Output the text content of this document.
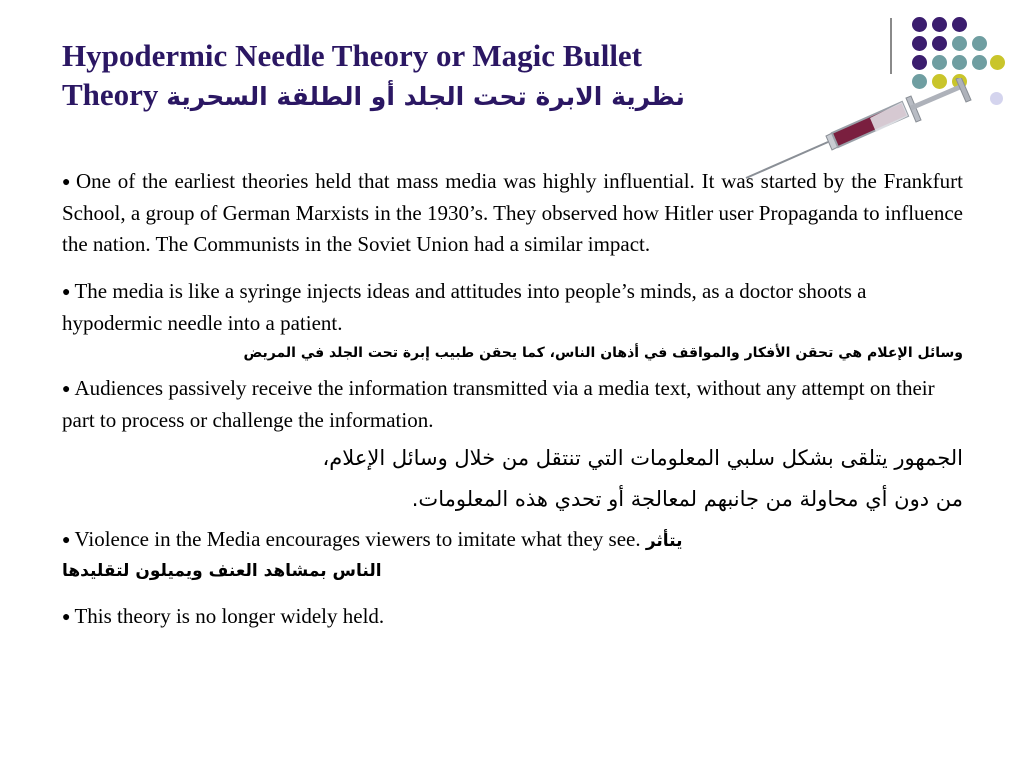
Hypodermic Needle Theory or Magic Bullet
Theory نظرية الابرة تحت الجلد أو الطلقة السحرية

● One of the earliest theories held that mass media was highly influential. It was started by the Frankfurt School, a group of German Marxists in the 1930’s. They observed how Hitler user Propaganda to influence the nation. The Communists in the Soviet Union had a similar impact.

● The media is like a syringe injects ideas and attitudes into people’s minds, as a doctor shoots a hypodermic needle into a patient.

وسائل الإعلام هي تحقن الأفكار والمواقف في أذهان الناس، كما يحقن طبيب إبرة تحت الجلد في المريض

● Audiences passively receive the information transmitted via a media text, without any attempt on their part to process or challenge the information.

الجمهور يتلقى بشكل سلبي المعلومات التي تنتقل من خلال وسائل الإعلام،
من دون أي محاولة من جانبهم لمعالجة أو تحدي هذه المعلومات.

● Violence in the Media encourages viewers to imitate what they see. يتأثر

الناس بمشاهد العنف ويميلون لتقليدها

● This theory is no longer widely held.
